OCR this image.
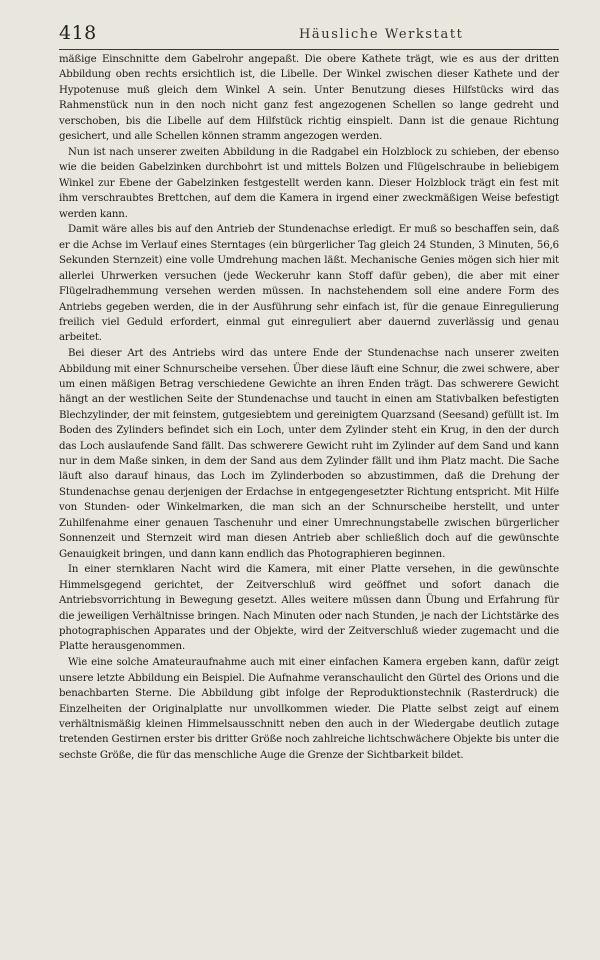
418	Häusliche Werkstatt

mäßige Einschnitte dem Gabelrohr angepaßt. Die obere Kathete trägt, wie es aus der dritten Abbildung oben rechts ersichtlich ist, die Libelle. Der Winkel zwischen dieser Kathete und der Hypotenuse muß gleich dem Winkel A sein. Unter Benutzung dieses Hilfstücks wird das Rahmenstück nun in den noch nicht ganz fest angezogenen Schellen so lange gedreht und verschoben, bis die Libelle auf dem Hilfstück richtig einspielt. Dann ist die genaue Richtung gesichert, und alle Schellen können stramm angezogen werden.

Nun ist nach unserer zweiten Abbildung in die Radgabel ein Holzblock zu schieben, der ebenso wie die beiden Gabelzinken durchbohrt ist und mittels Bolzen und Flügelschraube in beliebigem Winkel zur Ebene der Gabelzinken festgestellt werden kann. Dieser Holzblock trägt ein fest mit ihm verschraubtes Brettchen, auf dem die Kamera in irgend einer zweckmäßigen Weise befestigt werden kann.

Damit wäre alles bis auf den Antrieb der Stundenachse erledigt. Er muß so beschaffen sein, daß er die Achse im Verlauf eines Sterntages (ein bürgerlicher Tag gleich 24 Stunden, 3 Minuten, 56,6 Sekunden Sternzeit) eine volle Umdrehung machen läßt. Mechanische Genies mögen sich hier mit allerlei Uhrwerken versuchen (jede Weckeruhr kann Stoff dafür geben), die aber mit einer Flügelradhemmung versehen werden müssen. In nachstehendem soll eine andere Form des Antriebs gegeben werden, die in der Ausführung sehr einfach ist, für die genaue Einregulierung freilich viel Geduld erfordert, einmal gut einreguliert aber dauernd zuverlässig und genau arbeitet.

Bei dieser Art des Antriebs wird das untere Ende der Stundenachse nach unserer zweiten Abbildung mit einer Schnurscheibe versehen. Über diese läuft eine Schnur, die zwei schwere, aber um einen mäßigen Betrag verschiedene Gewichte an ihren Enden trägt. Das schwerere Gewicht hängt an der westlichen Seite der Stundenachse und taucht in einen am Stativbalken befestigten Blechzylinder, der mit feinstem, gutgesiebtem und gereinigtem Quarzsand (Seesand) gefüllt ist. Im Boden des Zylinders befindet sich ein Loch, unter dem Zylinder steht ein Krug, in den der durch das Loch auslaufende Sand fällt. Das schwerere Gewicht ruht im Zylinder auf dem Sand und kann nur in dem Maße sinken, in dem der Sand aus dem Zylinder fällt und ihm Platz macht. Die Sache läuft also darauf hinaus, das Loch im Zylinderboden so abzustimmen, daß die Drehung der Stundenachse genau derjenigen der Erdachse in entgegengesetzter Richtung entspricht. Mit Hilfe von Stunden- oder Winkelmarken, die man sich an der Schnurscheibe herstellt, und unter Zuhilfenahme einer genauen Taschenuhr und einer Umrechnungstabelle zwischen bürgerlicher Sonnenzeit und Sternzeit wird man diesen Antrieb aber schließlich doch auf die gewünschte Genauigkeit bringen, und dann kann endlich das Photographieren beginnen.

In einer sternklaren Nacht wird die Kamera, mit einer Platte versehen, in die gewünschte Himmelsgegend gerichtet, der Zeitverschluß wird geöffnet und sofort danach die Antriebsvorrichtung in Bewegung gesetzt. Alles weitere müssen dann Übung und Erfahrung für die jeweiligen Verhältnisse bringen. Nach Minuten oder nach Stunden, je nach der Lichtstärke des photographischen Apparates und der Objekte, wird der Zeitverschluß wieder zugemacht und die Platte herausgenommen.

Wie eine solche Amateuraufnahme auch mit einer einfachen Kamera ergeben kann, dafür zeigt unsere letzte Abbildung ein Beispiel. Die Aufnahme veranschaulicht den Gürtel des Orions und die benachbarten Sterne. Die Abbildung gibt infolge der Reproduktionstechnik (Rasterdruck) die Einzelheiten der Originalplatte nur unvollkommen wieder. Die Platte selbst zeigt auf einem verhältnismäßig kleinen Himmelsausschnitt neben den auch in der Wiedergabe deutlich zutage tretenden Gestirnen erster bis dritter Größe noch zahlreiche lichtschwächere Objekte bis unter die sechste Größe, die für das menschliche Auge die Grenze der Sichtbarkeit bildet.
